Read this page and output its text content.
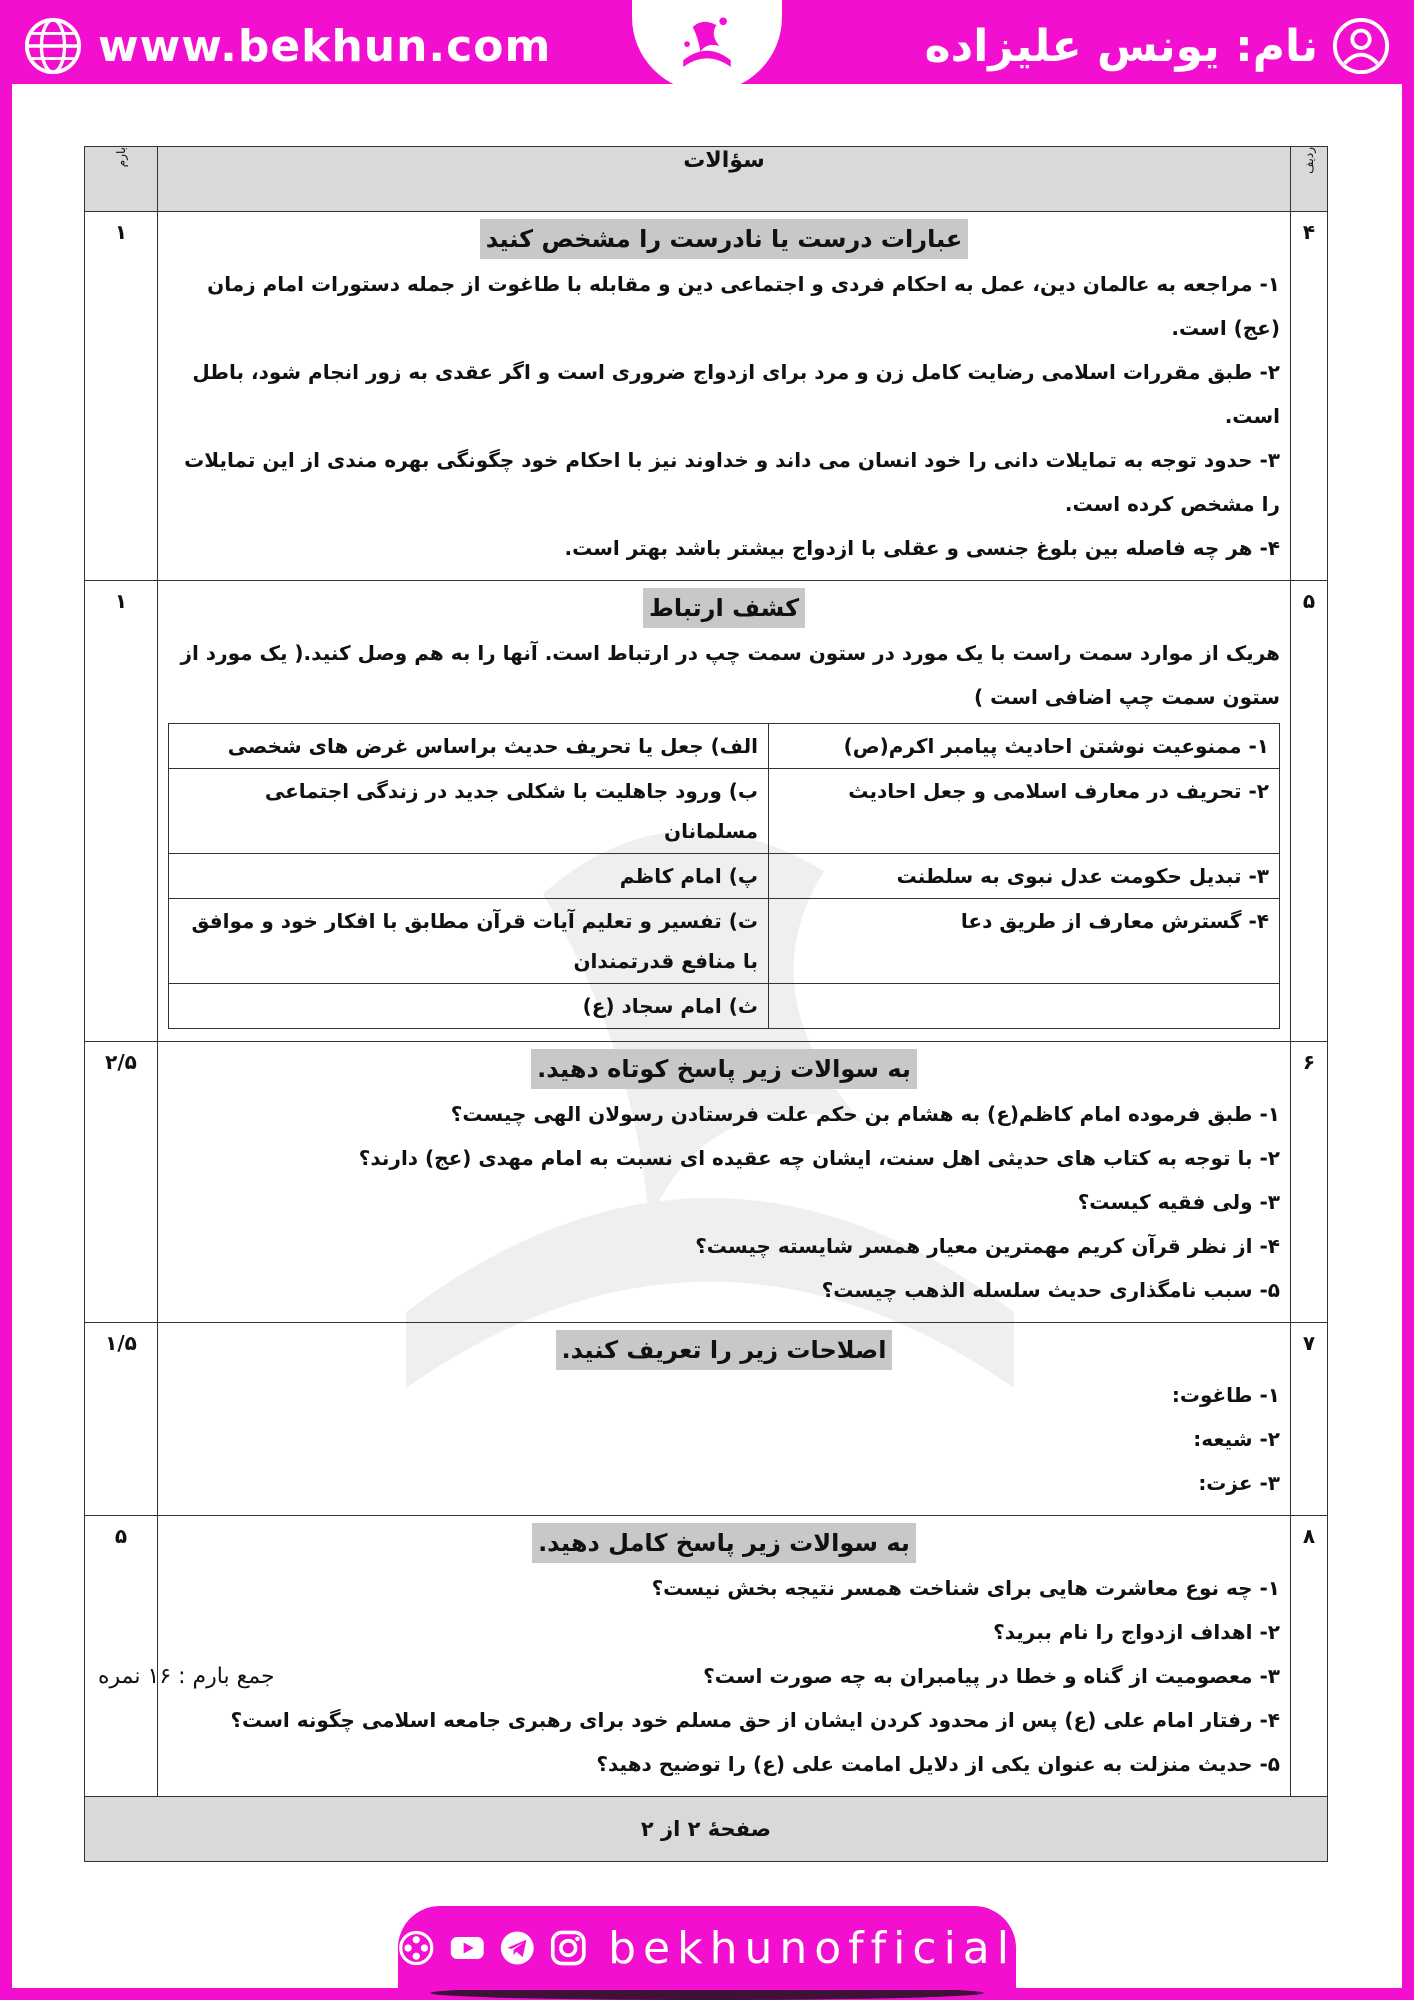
www.bekhun.com	نام: یونس علیزاده
ردیف	سؤالات	بارم
۴	
عبارات درست یا نادرست را مشخص کنید
۱- مراجعه به عالمان دین، عمل به احکام فردی و اجتماعی دین و مقابله با طاغوت از جمله دستورات امام زمان (عج) است.
۲- طبق مقررات اسلامی رضایت کامل زن و مرد برای ازدواج ضروری است و اگر عقدی به زور انجام شود، باطل است.
۳- حدود توجه به تمایلات دانی را خود انسان می داند و خداوند نیز با احکام خود چگونگی بهره مندی از این تمایلات را مشخص کرده است.
۴- هر چه فاصله بین بلوغ جنسی و عقلی با ازدواج بیشتر باشد بهتر است.
	۱
۵	
کشف ارتباط
هریک از موارد سمت راست با یک مورد در ستون سمت چپ در ارتباط است. آنها را به هم وصل کنید.( یک مورد از ستون سمت چپ اضافی است )
۱- ممنوعیت نوشتن احادیث پیامبر اکرم(ص)	الف) جعل یا تحریف حدیث براساس غرض های شخصی
۲- تحریف در معارف اسلامی و جعل احادیث	ب) ورود جاهلیت با شکلی جدید در زندگی اجتماعی مسلمانان
۳- تبدیل حکومت عدل نبوی به سلطنت	پ) امام کاظم
۴- گسترش معارف از طریق دعا	ت) تفسیر و تعلیم آیات قرآن مطابق با افکار خود و موافق با منافع قدرتمندان
	ث) امام سجاد (ع)
	۱
۶	
به سوالات زیر پاسخ کوتاه دهید.
۱- طبق فرموده امام کاظم(ع) به هشام بن حکم علت فرستادن رسولان الهی چیست؟
۲- با توجه به کتاب های حدیثی اهل سنت، ایشان چه عقیده ای نسبت به امام مهدی (عج) دارند؟
۳- ولی فقیه کیست؟
۴- از نظر قرآن کریم مهمترین معیار همسر شایسته چیست؟
۵- سبب نامگذاری حدیث سلسله الذهب چیست؟
	۲/۵
۷	
اصلاحات زیر را تعریف کنید.
۱- طاغوت:
۲- شیعه:
۳- عزت:
	۱/۵
۸	
به سوالات زیر پاسخ کامل دهید.
۱- چه نوع معاشرت هایی برای شناخت همسر نتیجه بخش نیست؟
۲- اهداف ازدواج را نام ببرید؟
۳- معصومیت از گناه و خطا در پیامبران به چه صورت است؟
۴- رفتار امام علی (ع) پس از محدود کردن ایشان از حق مسلم خود برای رهبری جامعه اسلامی چگونه است؟
۵- حدیث منزلت به عنوان یکی از دلایل امامت علی (ع) را توضیح دهید؟
	۵
صفحهٔ ۲ از ۲
جمع بارم : ۱۶ نمره
bekhunofficial
